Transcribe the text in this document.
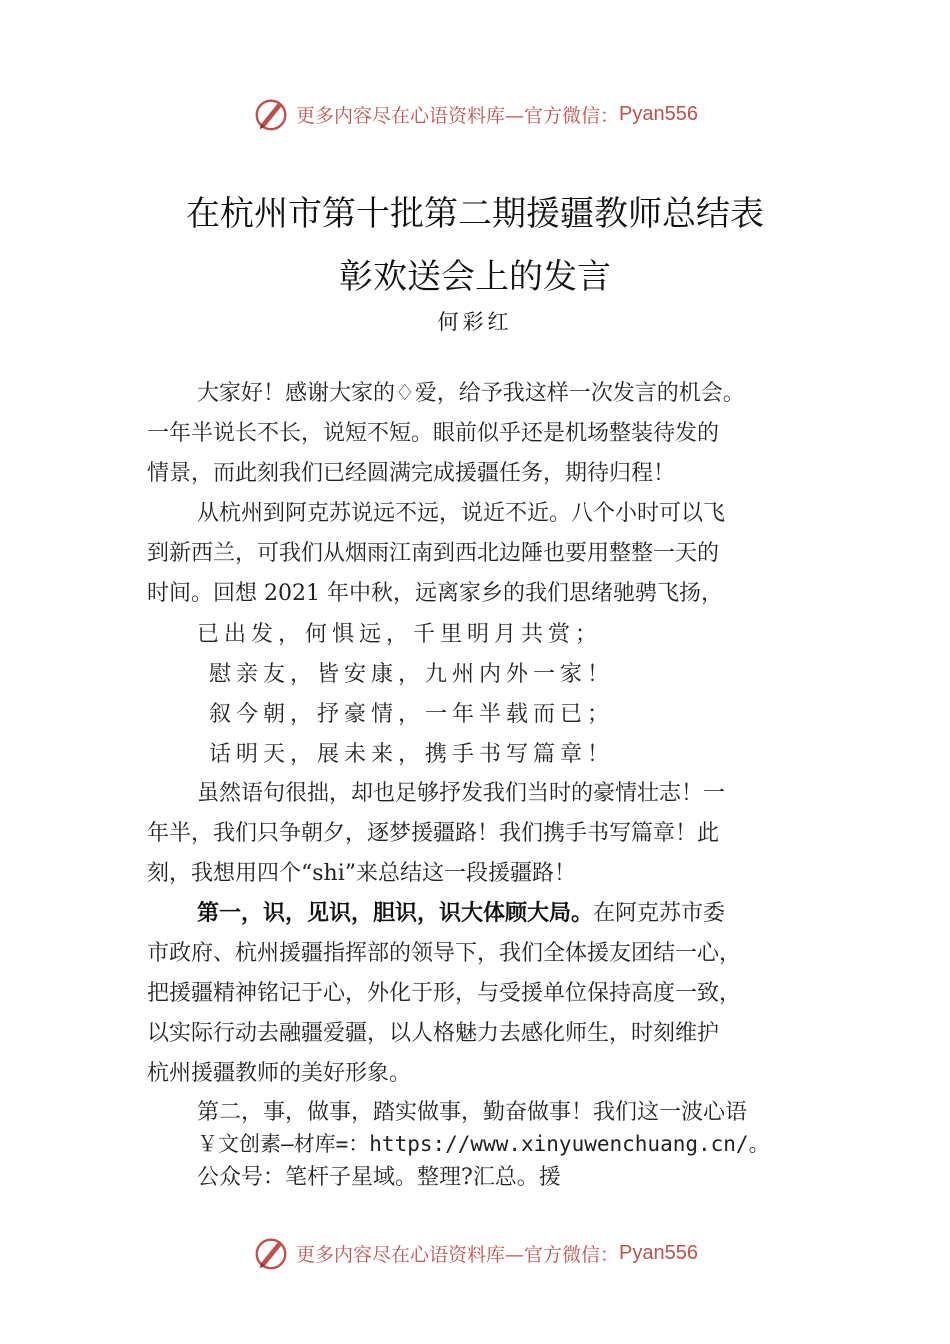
更多内容尽在心语资料库—官方微信： Pyan556
在杭州市第十批第二期援疆教师总结表
彰欢送会上的发言
何彩红
大家好！感谢大家的♢爱，给予我这样一次发言的机会。
一年半说长不长，说短不短。眼前似乎还是机场整装待发的
情景，而此刻我们已经圆满完成援疆任务，期待归程！
从杭州到阿克苏说远不远，说近不近。八个小时可以飞
到新西兰，可我们从烟雨江南到西北边陲也要用整整一天的
时间。回想 2021 年中秋，远离家乡的我们思绪驰骋飞扬，
已出发，何惧远，千里明月共赏；
慰亲友，皆安康，九州内外一家！
叙今朝，抒豪情，一年半载而已；
话明天，展未来，携手书写篇章！
虽然语句很拙，却也足够抒发我们当时的豪情壮志！一
年半，我们只争朝夕，逐梦援疆路！我们携手书写篇章！此
刻，我想用四个“shi”来总结这一段援疆路！
第一，识，见识，胆识，识大体顾大局。在阿克苏市委
市政府、杭州援疆指挥部的领导下，我们全体援友团结一心，
把援疆精神铭记于心，外化于形，与受援单位保持高度一致，
以实际行动去融疆爱疆，以人格魅力去感化师生，时刻维护
杭州援疆教师的美好形象。
第二，事，做事，踏实做事，勤奋做事！我们这一波心语
￥文创素—材库=：https://www.xinyuwenchuang.cn/。
公众号：笔杆子星域。整理?汇总。援
更多内容尽在心语资料库—官方微信： Pyan556
